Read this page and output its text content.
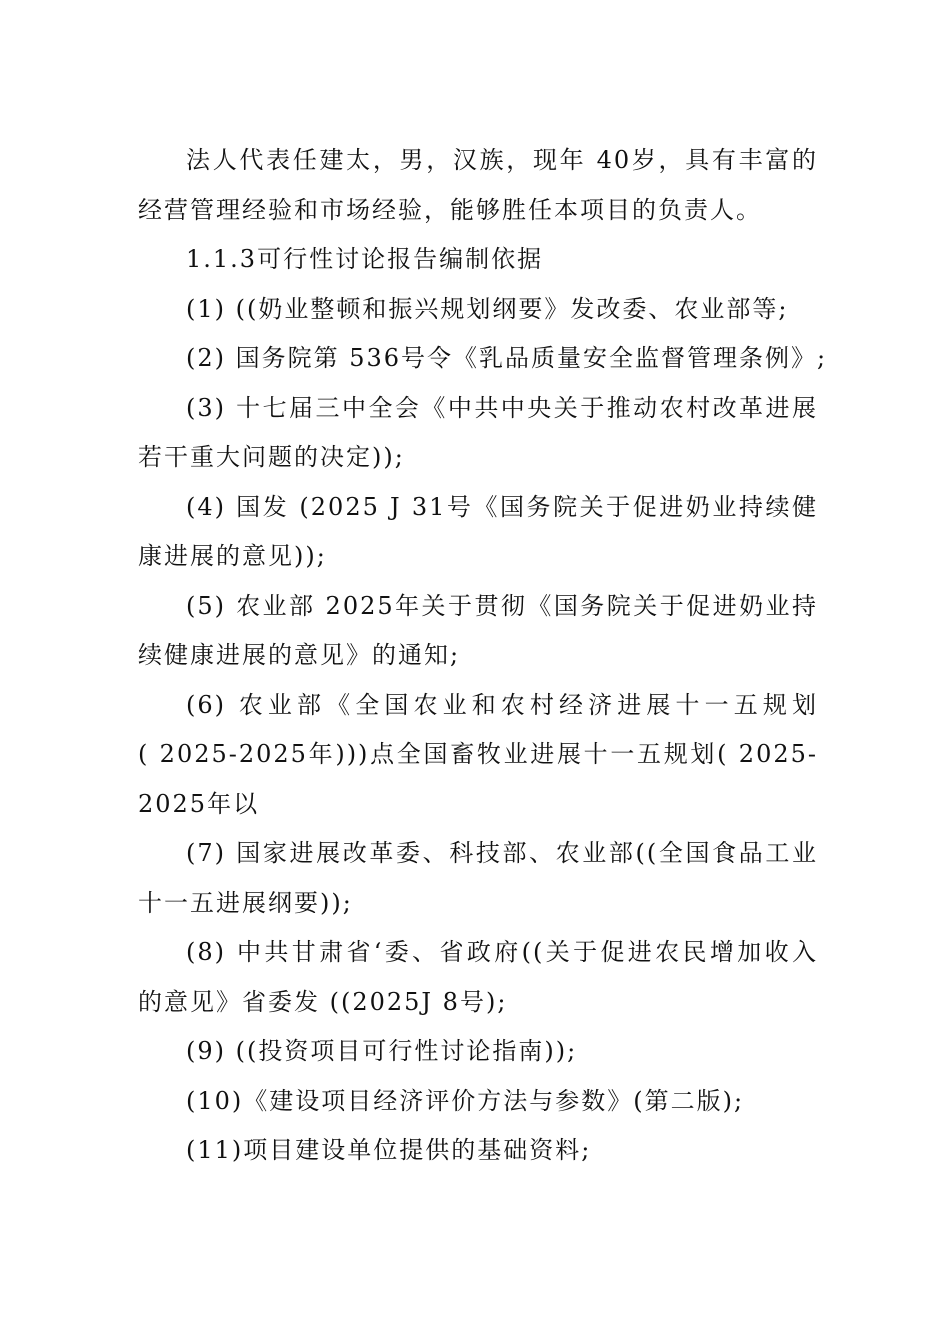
法人代表任建太，男，汉族，现年 40岁，具有丰富的
经营管理经验和市场经验，能够胜任本项目的负责人。
1.1.3可行性讨论报告编制依据
(1) ((奶业整顿和振兴规划纲要》发改委、农业部等;
(2) 国务院第 536号令《乳品质量安全监督管理条例》;
(3) 十七届三中全会《中共中央关于推动农村改革进展
若干重大问题的决定));
(4) 国发 (2025 J 31号《国务院关于促进奶业持续健
康进展的意见));
(5) 农业部 2025年关于贯彻《国务院关于促进奶业持
续健康进展的意见》的通知;
(6) 农业部《全国农业和农村经济进展十一五规划
( 2025-2025年)))点全国畜牧业进展十一五规划( 2025-
2025年以
(7) 国家进展改革委、科技部、农业部((全国食品工业
十一五进展纲要));
(8) 中共甘肃省‘委、省政府((关于促进农民增加收入
的意见》省委发 ((2025J 8号);
(9) ((投资项目可行性讨论指南));
(10)《建设项目经济评价方法与参数》(第二版);
(11)项目建设单位提供的基础资料;
